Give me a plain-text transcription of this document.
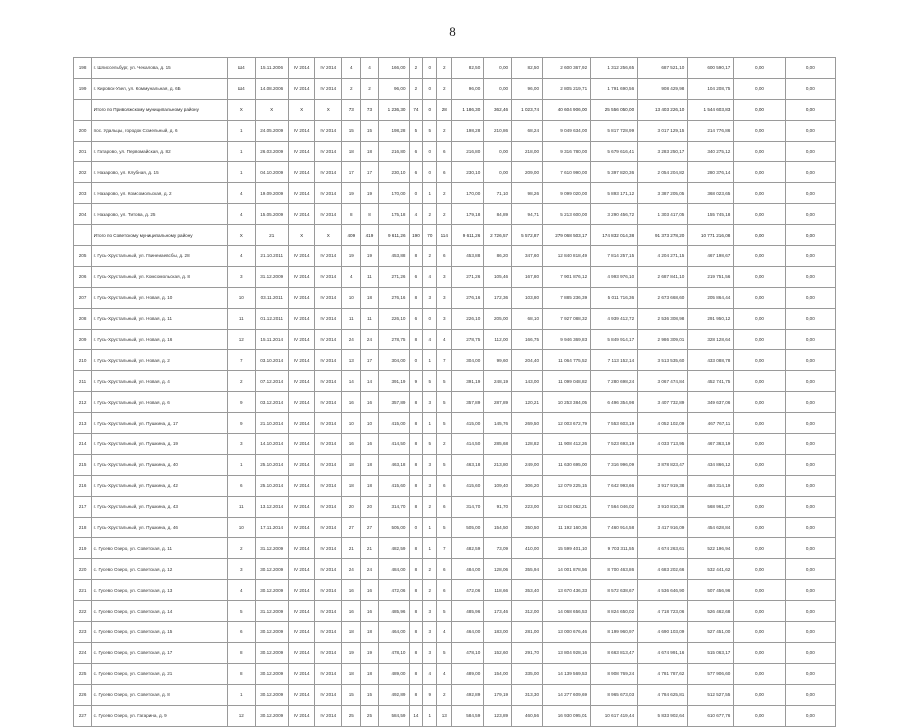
8
198	г. Шлиссельбург, ул. Чекалова, д. 15	Ш4	15.11.2006	IV 2014	IV 2014	4	4	166,00	2	0	2	82,50	0,00	82,50	2 600 367,92	1 312 256,65	687 521,10	600 590,17	0,00	0,00
199	г. Кировск-Узел, ул. Коммунальная, д. 6Б	Ш4	14.08.2006	IV 2014	IV 2014	2	2	96,00	2	0	2	96,00	0,00	96,00	2 805 219,71	1 791 690,56	908 429,98	104 208,75	0,00	0,00
	Итого по Приволжскому муниципальному району	X	X	X	X	73	73	1 236,30	74	0	28	1 186,30	362,46	1 023,74	40 604 906,00	25 556 050,00	13 403 226,10	1 544 603,83	0,00	0,00
200	пос. Удальцы, городок Ссмельный, д. 6	1	24.05.2009	IV 2014	IV 2014	15	15	198,28	5	5	2	198,28	210,86	68,24	9 049 634,00	5 817 728,99	3 017 129,15	214 776,86	0,00	0,00
201	г. Гатарово, ул. Первомайская, д. 82	1	26.03.2009	IV 2014	IV 2014	18	18	216,80	6	0	6	216,80	0,00	218,00	9 316 780,00	5 679 616,41	3 283 250,17	340 275,12	0,00	0,00
202	г. Назарово, ул. Клубная, д. 15	1	04.10.2009	IV 2014	IV 2014	17	17	230,10	6	0	6	230,10	0,00	209,00	7 610 990,00	5 397 820,36	2 054 204,82	280 376,14	0,00	0,00
203	г. Назарово, ул. Комсомольская, д. 2	4	19.09.2009	IV 2014	IV 2014	19	19	170,00	0	1	2	170,00	71,10	98,26	9 099 020,00	5 893 171,12	3 387 205,05	368 023,65	0,00	0,00
204	г. Назарово, ул. Титова, д. 25	4	15.05.2009	IV 2014	IV 2014	8	8	175,18	4	2	2	179,18	84,89	94,71	5 213 600,00	3 290 456,72	1 303 417,05	155 745,18	0,00	0,00
	Итого по Советскому муниципальному району	X	21	X	X	409	419	9 611,26	190	70	114	9 611,26	2 726,57	5 572,87	279 068 503,17	174 832 014,38	91 373 278,20	10 771 216,08	0,00	0,00
205	г. Гусь-Хрустальный, ул. Гвинеиаевсбы, д. 28	4	21.10.2011	IV 2014	IV 2014	19	19	453,88	8	2	6	453,88	86,20	347,60	12 840 818,49	7 814 257,15	4 204 271,15	467 198,67	0,00	0,00
206	г. Гусь-Хрустальный, ул. Комсомольская, д. 8	3	31.12.2009	IV 2014	IV 2014	4	11	271,26	6	4	3	271,26	105,46	167,80	7 901 876,12	4 993 976,10	2 687 841,10	219 751,56	0,00	0,00
207	г. Гусь-Хрустальный, ул. Новая, д. 10	10	03.11.2011	IV 2014	IV 2014	10	18	276,16	8	3	3	276,16	172,36	103,80	7 885 236,39	5 011 716,36	2 673 668,60	205 864,44	0,00	0,00
208	г. Гусь-Хрустальный, ул. Новая, д. 11	11	01.12.2011	IV 2014	IV 2014	11	11	226,10	6	0	3	226,10	205,00	68,10	7 927 088,32	4 939 412,72	2 536 308,98	291 950,12	0,00	0,00
209	г. Гусь-Хрустальный, ул. Новая, д. 16	12	15.11.2014	IV 2014	IV 2014	24	24	278,75	8	4	4	278,75	112,00	166,75	9 946 369,83	5 849 914,17	2 986 309,01	328 128,64	0,00	0,00
210	г. Гусь-Хрустальный, ул. Новая, д. 2	7	03.10.2014	IV 2014	IV 2014	13	17	304,00	0	1	7	304,00	99,60	204,40	11 064 775,52	7 113 152,14	3 513 535,60	433 088,78	0,00	0,00
211	г. Гусь-Хрустальный, ул. Новая, д. 4	2	07.12.2014	IV 2014	IV 2014	14	14	391,19	9	5	5	391,19	248,19	143,00	11 099 048,82	7 280 698,24	3 067 474,84	452 741,75	0,00	0,00
212	г. Гусь-Хрустальный, ул. Новая, д. 6	9	03.12.2014	IV 2014	IV 2014	16	16	357,89	8	3	5	357,89	287,89	120,21	10 253 384,05	6 496 354,98	3 407 732,89	349 637,06	0,00	0,00
213	г. Гусь-Хрустальный, ул. Пушкина, д. 17	9	21.10.2014	IV 2014	IV 2014	10	10	415,00	8	1	5	415,00	145,76	269,50	12 003 672,79	7 553 603,19	4 052 102,09	467 767,11	0,00	0,00
214	г. Гусь-Хрустальный, ул. Пушкина, д. 19	3	14.10.2014	IV 2014	IV 2014	16	16	414,50	8	5	2	414,50	285,68	128,82	11 908 412,26	7 523 693,19	4 033 713,95	467 363,19	0,00	0,00
215	г. Гусь-Хрустальный, ул. Пушкина, д. 40	1	25.10.2014	IV 2014	IV 2014	18	18	463,18	8	3	5	463,18	213,80	249,00	11 630 695,00	7 316 996,09	3 878 823,47	434 866,12	0,00	0,00
216	г. Гусь-Хрустальный, ул. Пушкина, д. 42	6	25.10.2014	IV 2014	IV 2014	18	18	415,60	8	3	6	415,60	109,40	306,20	12 079 225,15	7 642 993,66	3 917 919,38	484 314,19	0,00	0,00
217	г. Гусь-Хрустальный, ул. Пушкина, д. 43	11	13.12.2014	IV 2014	IV 2014	20	20	314,70	8	2	6	314,70	91,70	223,00	12 043 062,21	7 564 046,02	3 910 810,38	568 961,27	0,00	0,00
218	г. Гусь-Хрустальный, ул. Пушкина, д. 46	10	17.11.2014	IV 2014	IV 2014	27	27	505,00	0	1	5	505,00	154,50	350,50	11 192 160,36	7 460 914,58	3 417 916,09	454 628,84	0,00	0,00
219	с. Гусево Озеро, ул. Советская, д. 11	2	31.12.2009	IV 2014	IV 2014	21	21	482,59	8	1	7	482,59	73,09	410,00	15 599 401,10	9 703 311,55	4 674 263,61	522 196,94	0,00	0,00
220	с. Гусево Озеро, ул. Советская, д. 12	3	30.12.2009	IV 2014	IV 2014	24	24	484,00	8	2	6	484,00	128,06	355,94	14 001 878,56	8 700 463,86	4 683 202,66	532 441,62	0,00	0,00
221	с. Гусево Озеро, ул. Советская, д. 13	4	30.12.2009	IV 2014	IV 2014	16	16	472,06	8	2	6	472,06	118,66	353,40	13 670 436,33	8 572 638,67	4 536 646,90	507 456,96	0,00	0,00
222	с. Гусево Озеро, ул. Советская, д. 14	5	31.12.2009	IV 2014	IV 2014	16	16	485,96	8	3	5	485,96	173,46	312,00	14 068 656,53	8 824 650,02	4 718 723,06	526 462,68	0,00	0,00
223	с. Гусево Озеро, ул. Советская, д. 15	6	30.12.2009	IV 2014	IV 2014	18	18	464,00	8	3	4	464,00	183,00	281,00	13 000 676,46	8 199 960,97	4 690 103,09	527 451,00	0,00	0,00
224	с. Гусево Озеро, ул. Советская, д. 17	8	30.12.2009	IV 2014	IV 2014	19	19	478,10	8	3	5	478,10	152,60	291,70	13 804 928,16	8 663 813,47	4 674 991,16	515 063,17	0,00	0,00
225	с. Гусево Озеро, ул. Советская, д. 21	8	30.12.2009	IV 2014	IV 2014	18	18	489,00	8	4	4	489,00	154,00	335,00	14 139 569,53	8 908 769,24	4 781 787,62	577 906,60	0,00	0,00
226	с. Гусево Озеро, ул. Советская, д. 8	1	30.12.2009	IV 2014	IV 2014	15	15	492,89	8	9	2	492,89	179,19	313,30	14 277 609,69	8 965 673,03	4 784 625,81	512 527,55	0,00	0,00
227	с. Гусево Озеро, ул. Гагарина, д. 9	12	30.12.2009	IV 2014	IV 2014	25	25	584,59	14	1	13	584,59	123,89	460,56	16 930 095,01	10 617 419,44	5 833 902,64	610 677,76	0,00	0,00
